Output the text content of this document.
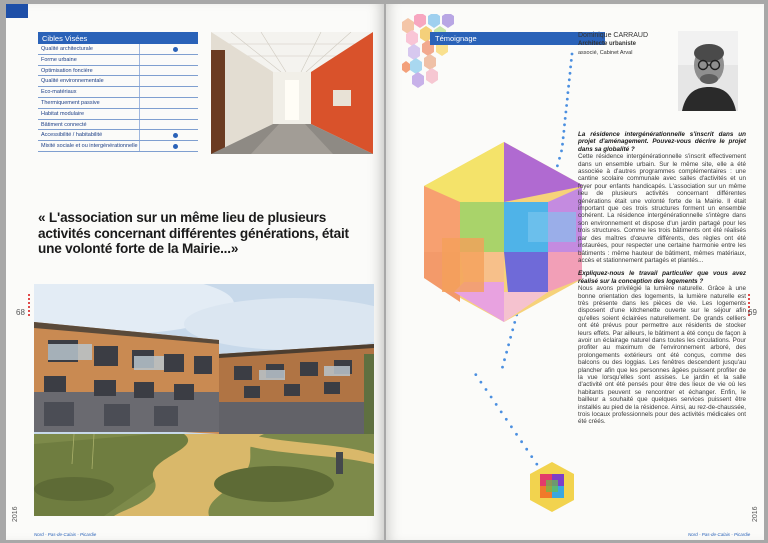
Cibles Visées
Qualité architecturale
Forme urbaine
Optimisation foncière
Qualité environnementale
Eco-matériaux
Thermiquement passive
Habitat modulaire
Bâtiment connecté
Accessibilité / habitabilité
Mixité sociale et ou intergénérationnelle
« L'association sur un même lieu de plusieurs activités concernant différentes générations, était une volonté forte de la Mairie...»
68
2016
Nord - Pas-de-Calais - Picardie
Témoignage	Dominique CARRAUD
Architecte urbaniste
associé, Cabinet Arval

La résidence intergénérationnelle s'inscrit dans un projet d'aménagement. Pouvez-vous décrire le projet dans sa globalité ?

Cette résidence intergénérationnelle s'inscrit effectivement dans un ensemble urbain. Sur le même site, elle a été associée à d'autres programmes complémentaires : une cantine scolaire communale avec salles d'activités et un foyer pour enfants handicapés. L'association sur un même lieu de plusieurs activités concernant différentes générations était une volonté forte de la Mairie. Il était important que ces trois structures forment un ensemble cohérent. La résidence intergénérationnelle s'intègre dans son environnement et dispose d'un jardin partagé pour les trois structures. Comme les trois bâtiments ont été réalisés par des maîtres d'œuvre différents, des règles ont été instaurées, pour respecter une certaine harmonie entre les bâtiments : même hauteur de bâtiment, mêmes matériaux, accès et stationnement partagés et plantés...

Expliquez-nous le travail particulier que vous avez réalisé sur la conception des logements ?

Nous avons privilégié la lumière naturelle. Grâce à une bonne orientation des logements, la lumière naturelle est très présente dans les pièces de vie. Les logements disposent d'une kitchenette ouverte sur le séjour afin qu'elles soient éclairées naturellement. De grands celliers ont été prévus pour permettre aux résidents de stocker leurs effets. Par ailleurs, le bâtiment a été conçu de façon à avoir un éclairage naturel dans toutes les circulations. Pour profiter au maximum de l'environnement arboré, des prolongements extérieurs ont été conçus, comme des balcons ou des loggias. Les fenêtres descendent jusqu'au plancher afin que les personnes âgées puissent profiter de la vue lorsqu'elles sont assises. Le jardin et la salle d'activité ont été pensés pour être des lieux de vie où les habitants peuvent se rencontrer et échanger. Enfin, le bailleur a souhaité que quelques services puissent être installés au pied de la résidence. Ainsi, au rez-de-chaussée, trois locaux professionnels pour des activités médicales ont été créés.

69
2016
Nord - Pas-de-Calais - Picardie
